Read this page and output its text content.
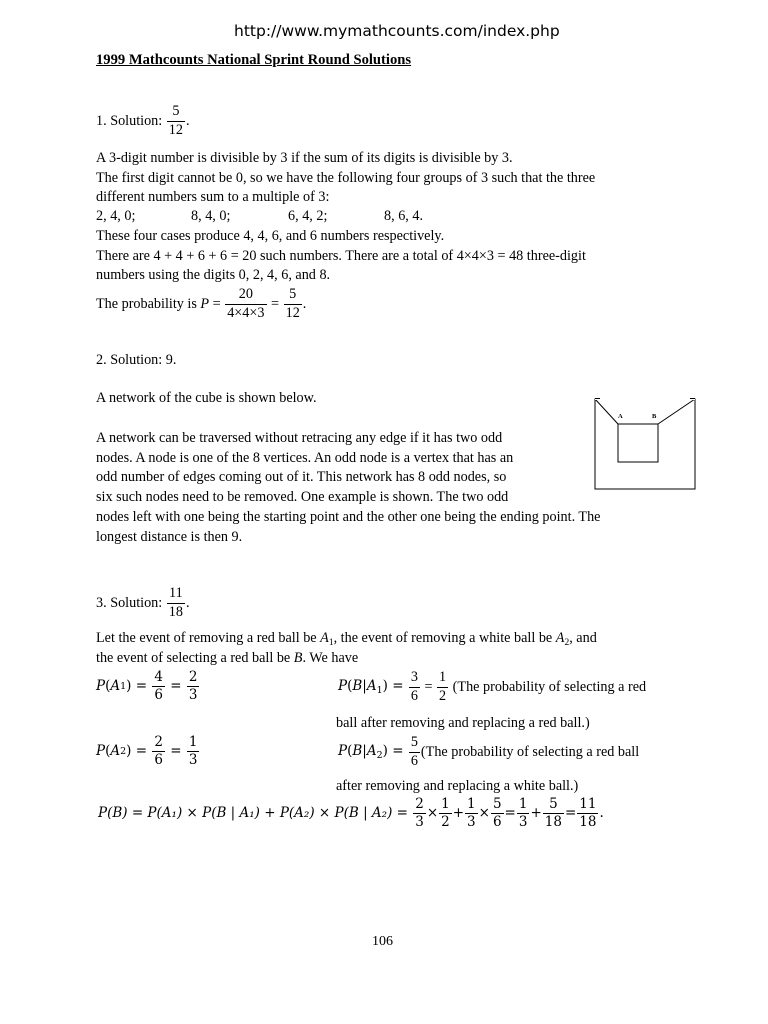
http://www.mymathcounts.com/index.php
1999 Mathcounts National Sprint Round Solutions
1. Solution:
$\frac{5}{12}$ .
A 3-digit number is divisible by 3 if the sum of its digits is divisible by 3.
The first digit cannot be 0, so we have the following four groups of 3 such that the three
different numbers sum to a multiple of 3:
2, 4, 0;	8, 4, 0;	6, 4, 2;	8, 6, 4.
These four cases produce 4, 4, 6, and 6 numbers respectively.
There are 4 + 4 + 6 + 6 = 20 such numbers. There are a total of 4×4×3 = 48 three-digit
numbers using the digits 0, 2, 4, 6, and 8.
The probability is
$P = \frac{20}{4\times 4\times 3} = \frac{5}{12}$ .
2. Solution: 9.
A network of the cube is shown below.
A network can be traversed without retracing any edge if it has two odd
nodes. A node is one of the 8 vertices. An odd node is a vertex that has an
odd number of edges coming out of it. This network has 8 odd nodes, so
six such nodes need to be removed. One example is shown. The two odd
nodes left with one being the starting point and the other one being the ending point. The
longest distance is then 9.
A	B
3. Solution:
$\frac{11}{18}$ .
Let the event of removing a red ball be $A_1$, the event of removing a white ball be $A_2$, and
the event of selecting a red ball be B. We have
P ( A 1 ) = $\frac{4}{6} = \frac{2}{3}$	$P(B|A_1) = \frac{3}{6} = \frac{1}{2}$
(The probability of selecting a red
ball after removing and replacing a red ball.)
P ( A 2 ) = $\frac{2}{6} = \frac{1}{3}$	$P(B|A_2) = \frac{5}{6} (The$ probability of selecting a red ball
after removing and replacing a white ball.)
P(B) = P(A₁) × P(B | A₁) + P(A₂) × P(B | A₂) =
$\frac{2}{3} \times \frac{1}{2} + \frac{1}{3} \times \frac{5}{6} = \frac{1}{3} + \frac{5}{18} = \frac{11}{18}$ .
106
